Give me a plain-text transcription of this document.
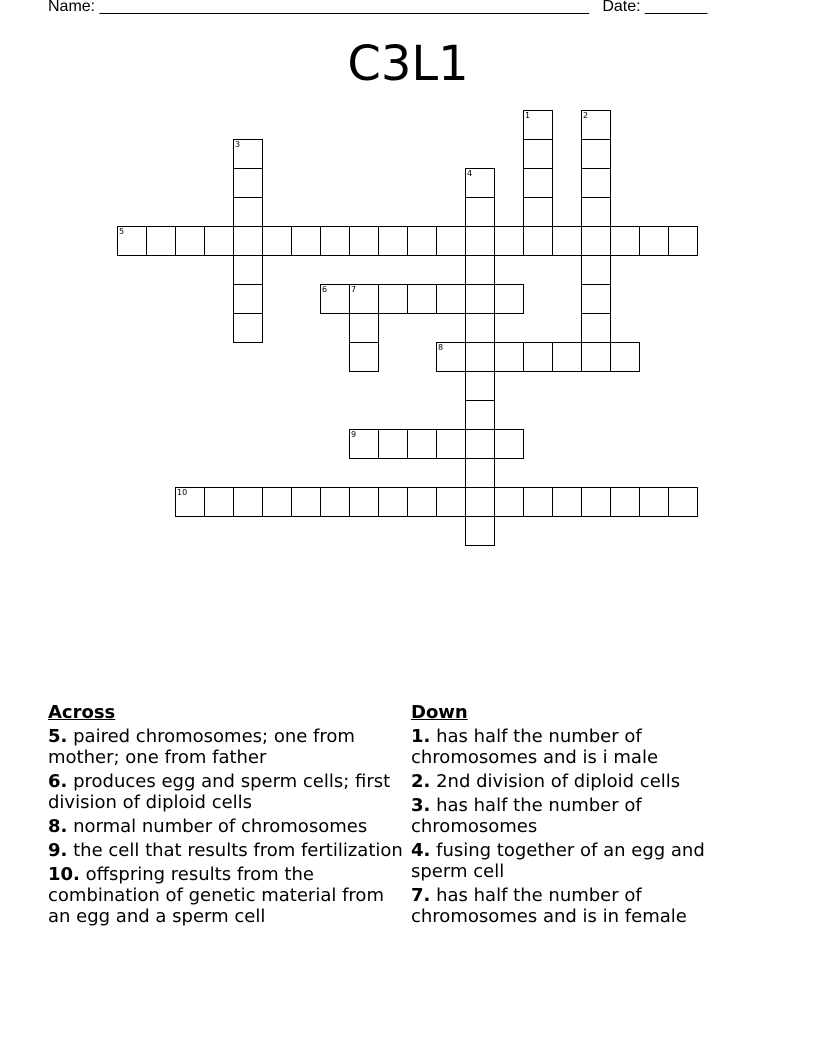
Name: _______________________________________________________ Date: _______
C3L1
1	2
3
4
5
6	7
8
9
10
Across
5. paired chromosomes; one from mother; one from father
6. produces egg and sperm cells; first division of diploid cells
8. normal number of chromosomes
9. the cell that results from fertilization
10. offspring results from the combination of genetic material from an egg and a sperm cell
Down
1. has half the number of chromosomes and is i male
2. 2nd division of diploid cells
3. has half the number of chromosomes
4. fusing together of an egg and sperm cell
7. has half the number of chromosomes and is in female
